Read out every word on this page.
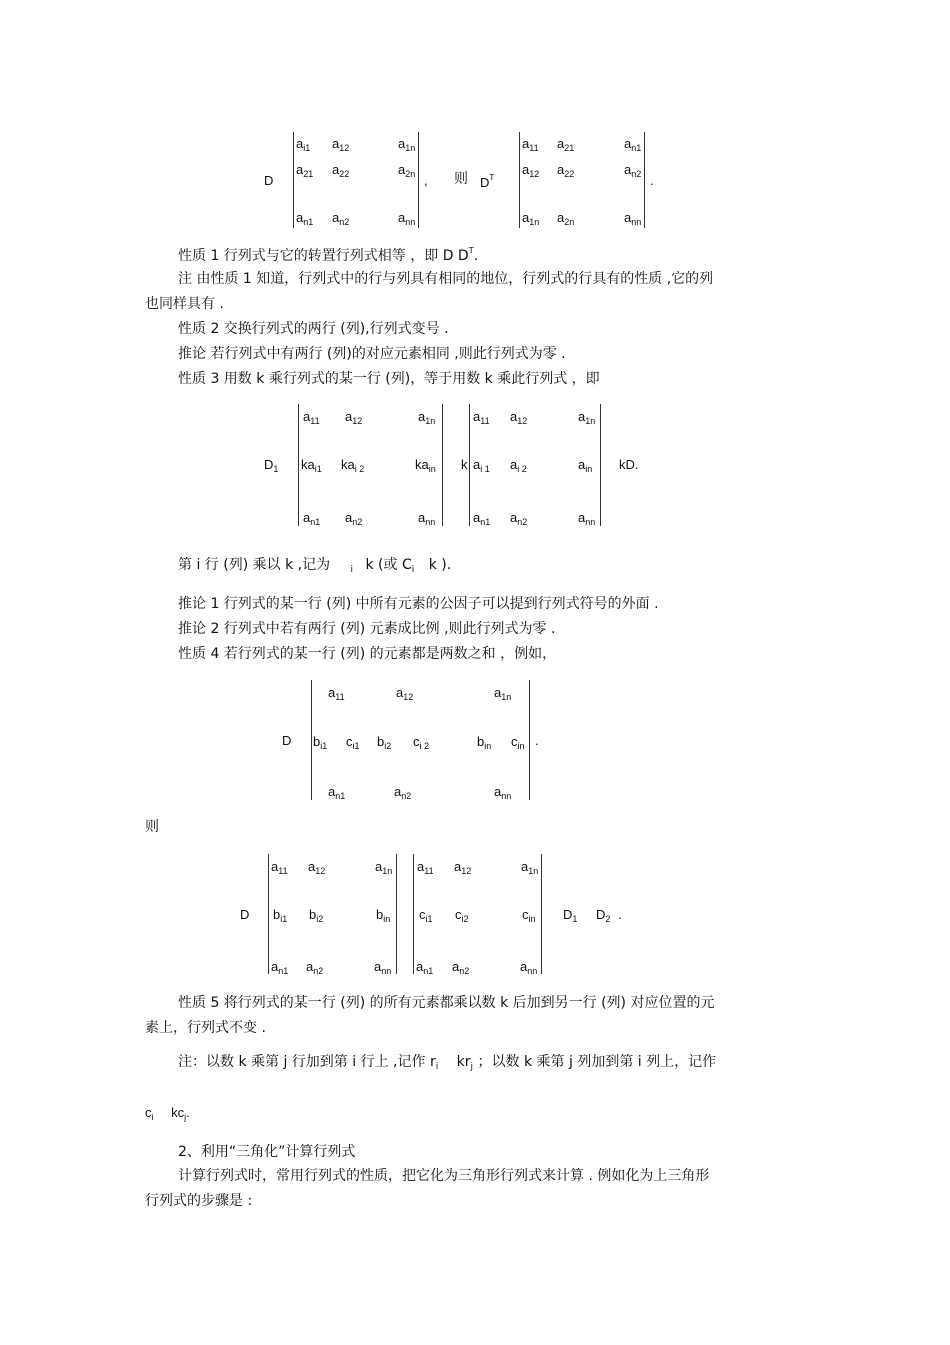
D
$a_{i1}$ $a_{12}$	$a_{1n}$
$a_{21}$ $a_{22}$	$a_{2n}$
$a_{n1}$ $a_{n2}$	$a_{nn}$
, 则 $D^T$
$a_{11}$ $a_{21}$	$a_{n1}$
$a_{12}$ $a_{22}$	$a_{n2}$
$a_{1n}$ $a_{2n}$	$a_{nn}$
.
性质 1 行列式与它的转置行列式相等 ，即 D $D^T$.
注 由性质 1 知道，行列式中的行与列具有相同的地位，行列式的行具有的性质 ,它的列
也同样具有 .
性质 2 交换行列式的两行 (列),行列式变号 .
推论 若行列式中有两行 (列)的对应元素相同 ,则此行列式为零 .
性质 3 用数 k 乘行列式的某一行 (列)，等于用数 k 乘此行列式 ，即
$D_1$
$a_{11}$ $a_{12}$	$a_{1n}$
$ka_{i1}$ $ka_{i 2}$	$ka_{in}$
$a_{n1}$ $a_{n2}$	$a_{nn}$
k
$a_{11}$ $a_{12}$	$a_{1n}$
$a_{i 1}$ $a_{i 2}$	$a_{in}$
$a_{n1}$ $a_{n2}$	$a_{nn}$
kD.
第 i 行 (列) 乘以 k ,记为 $_i$ k (或 $C_i$ k ).
推论 1 行列式的某一行 (列) 中所有元素的公因子可以提到行列式符号的外面 .
推论 2 行列式中若有两行 (列) 元素成比例 ,则此行列式为零 .
性质 4 若行列式的某一行 (列) 的元素都是两数之和 ，例如，
D
$a_{11}$	$a_{12}$	$a_{1n}$
$b_{i1}$ $c_{i1}$ $b_{i2}$ $c_{i 2}$	$b_{in}$ $c_{in}$
$a_{n1}$	$a_{n2}$	$a_{nn}$
.
则
D
$a_{11}$ $a_{12}$	$a_{1n}$
$b_{i1}$ $b_{i2}$	$b_{in}$
$a_{n1}$ $a_{n2}$	$a_{nn}$
$a_{11}$ $a_{12}$	$a_{1n}$
$c_{i1}$ $c_{i2}$	$c_{in}$
$a_{n1}$ $a_{n2}$	$a_{nn}$
$D_1$ $D_2$ .
性质 5 将行列式的某一行 (列) 的所有元素都乘以数 k 后加到另一行 (列) 对应位置的元
素上，行列式不变 .
注：以数 k 乘第 j 行加到第 i 行上 ,记作 $r_i$ $kr_j$ ；以数 k 乘第 j 列加到第 i 列上，记作
$c_i$ $kc_j$.
2、利用“三角化”计算行列式
计算行列式时，常用行列式的性质，把它化为三角形行列式来计算 . 例如化为上三角形
行列式的步骤是 :
